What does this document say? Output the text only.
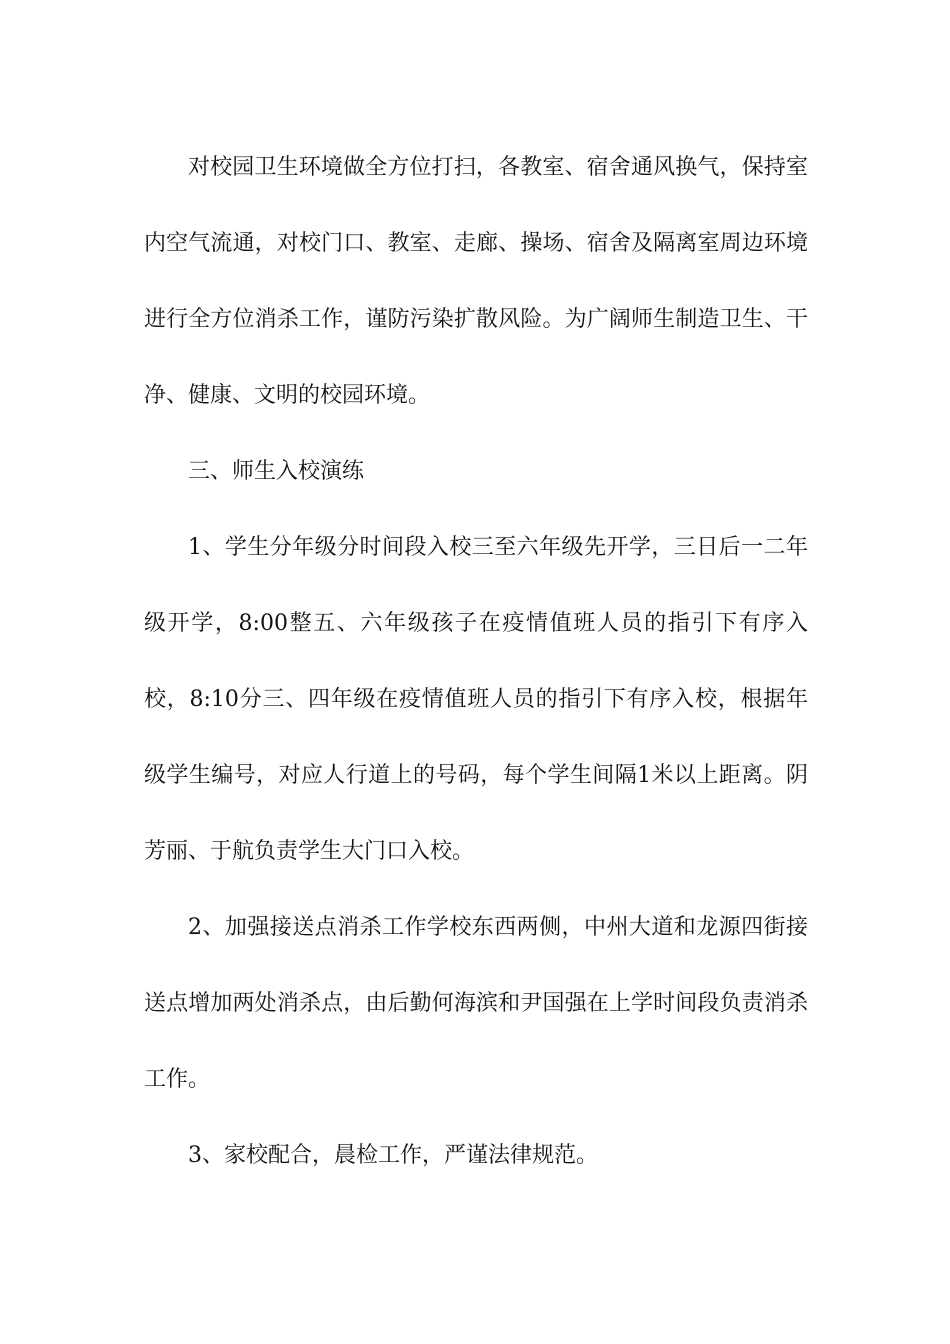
对校园卫生环境做全方位打扫，各教室、宿舍通风换气，保持室内空气流通，对校门口、教室、走廊、操场、宿舍及隔离室周边环境进行全方位消杀工作，谨防污染扩散风险。为广阔师生制造卫生、干净、健康、文明的校园环境。

三、师生入校演练

1、学生分年级分时间段入校三至六年级先开学，三日后一二年级开学，8:00整五、六年级孩子在疫情值班人员的指引下有序入校，8:10分三、四年级在疫情值班人员的指引下有序入校，根据年级学生编号，对应人行道上的号码，每个学生间隔1米以上距离。阴芳丽、于航负责学生大门口入校。

2、加强接送点消杀工作学校东西两侧，中州大道和龙源四街接送点增加两处消杀点，由后勤何海滨和尹国强在上学时间段负责消杀工作。

3、家校配合，晨检工作，严谨法律规范。
